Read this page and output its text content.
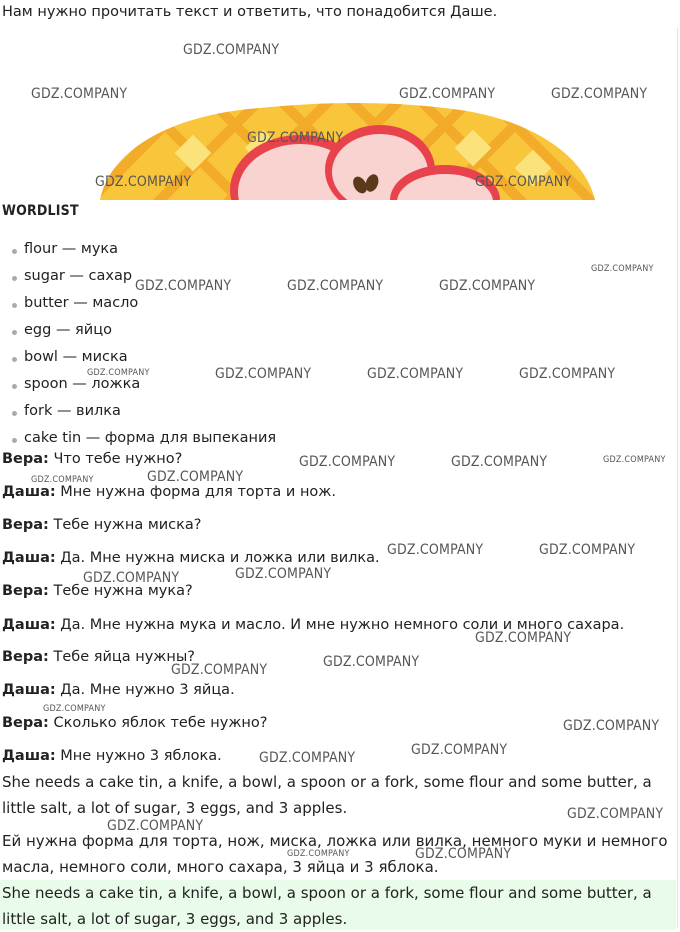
Нам нужно прочитать текст и ответить, что понадобится Даше.
WORDLIST
flour — мука
sugar — сахар
butter — масло
egg — яйцо
bowl — миска
spoon — ложка
fork — вилка
cake tin — форма для выпекания
Вера: Что тебе нужно?
Даша: Мне нужна форма для торта и нож.
Вера: Тебе нужна миска?
Даша: Да. Мне нужна миска и ложка или вилка.
Вера: Тебе нужна мука?
Даша: Да. Мне нужна мука и масло. И мне нужно немного соли и много сахара.
Вера: Тебе яйца нужны?
Даша: Да. Мне нужно 3 яйца.
Вера: Сколько яблок тебе нужно?
Даша: Мне нужно 3 яблока.
She needs a cake tin, a knife, a bowl, a spoon or a fork, some flour and some butter, a little salt, a lot of sugar, 3 eggs, and 3 apples.
Ей нужна форма для торта, нож, миска, ложка или вилка, немного муки и немного масла, немного соли, много сахара, 3 яйца и 3 яблока.
She needs a cake tin, a knife, a bowl, a spoon or a fork, some flour and some butter, a little salt, a lot of sugar, 3 eggs, and 3 apples.
GDZ.COMPANY
GDZ.COMPANY	GDZ.COMPANY	GDZ.COMPANY
GDZ.COMPANY
GDZ.COMPANY	GDZ.COMPANY
GDZ.COMPANY
GDZ.COMPANY	GDZ.COMPANY	GDZ.COMPANY
GDZ.COMPANY	GDZ.COMPANY	GDZ.COMPANY	GDZ.COMPANY
GDZ.COMPANY	GDZ.COMPANY	GDZ.COMPANY
GDZ.COMPANY
GDZ.COMPANY
GDZ.COMPANY	GDZ.COMPANY
GDZ.COMPANY
GDZ.COMPANY
GDZ.COMPANY
GDZ.COMPANY
GDZ.COMPANY
GDZ.COMPANY
GDZ.COMPANY
GDZ.COMPANY
GDZ.COMPANY
GDZ.COMPANY
GDZ.COMPANY
GDZ.COMPANY	GDZ.COMPANY
